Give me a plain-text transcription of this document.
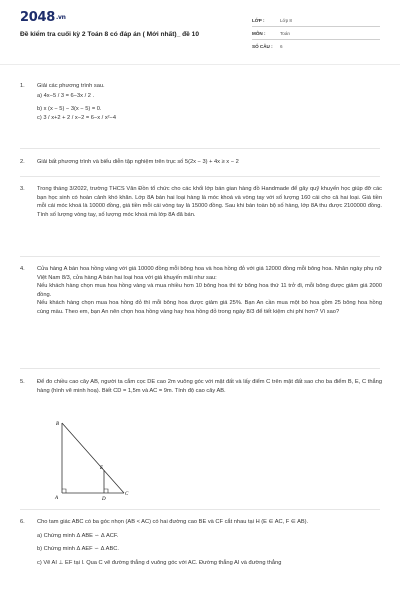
2048.vn
Đề kiểm tra cuối kỳ 2 Toán 8 có đáp án ( Mới nhất)_ đề 10
LỚP :	Lớp 8
MÔN :	Toán
SỐ CÂU :	6
1.	Giải các phương trình sau.
a) 4x−5 / 3 = 6−3x / 2 .
b) x (x − 5) − 3(x − 5) = 0.
c) 3 / x+2 + 2 / x−2 = 6−x / x²−4
2.	Giải bất phương trình và biểu diễn tập nghiệm trên trục số 5(2x − 3) + 4x ≥ x − 2
3.	Trong tháng 3/2022, trường THCS Vân Đồn tổ chức cho các khối lớp bán gian hàng đồ Handmade để gây quỹ khuyến học giúp đỡ các bạn học sinh có hoàn cảnh khó khăn. Lớp 8A bán hai loại hàng là móc khoá và vòng tay với số lượng 160 cái cho cả hai loại. Giá tiền mỗi cái móc khoá là 10000 đồng, giá tiền mỗi cái vòng tay là 15000 đồng. Sau khi bán toàn bộ số hàng, lớp 8A thu được 2100000 đồng. Tính số lượng vòng tay, số lượng móc khoá mà lớp 8A đã bán.
4.	Cửa hàng A bán hoa hồng vàng với giá 10000 đồng mỗi bông hoa và hoa hồng đỏ với giá 12000 đồng mỗi bông hoa. Nhân ngày phụ nữ Việt Nam 8/3, cửa hàng A bán hai loại hoa với giá khuyến mãi như sau:
Nếu khách hàng chọn mua hoa hồng vàng và mua nhiều hơn 10 bông hoa thì từ bông hoa thứ 11 trở đi, mỗi bông được giảm giá 2000 đồng.
Nếu khách hàng chọn mua hoa hồng đỏ thì mỗi bông hoa được giảm giá 25%. Bạn An cần mua một bó hoa gồm 25 bông hoa hồng cùng màu. Theo em, bạn An nên chọn hoa hồng vàng hay hoa hồng đỏ trong ngày 8/3 để tiết kiệm chi phí hơn? Vì sao?
5.	Để đo chiều cao cây AB, người ta cắm cọc DE cao 2m vuông góc với mặt đất và lấy điểm C trên mặt đất sao cho ba điểm B, E, C thẳng hàng (hình vẽ minh hoạ). Biết CD = 1,5m và AC = 9m. Tính độ cao cây AB.
B
A
E
D
C
6.	Cho tam giác ABC có ba góc nhọn (AB < AC) có hai đường cao BE và CF cắt nhau tại H (E ∈ AC, F ∈ AB).
a) Chứng minh Δ ABE ∽ Δ ACF.
b) Chứng minh Δ AEF ∽ Δ ABC.
c) Vẽ AI ⊥ EF tại I. Qua C vẽ đường thẳng d vuông góc với AC. Đường thẳng AI và đường thẳng
